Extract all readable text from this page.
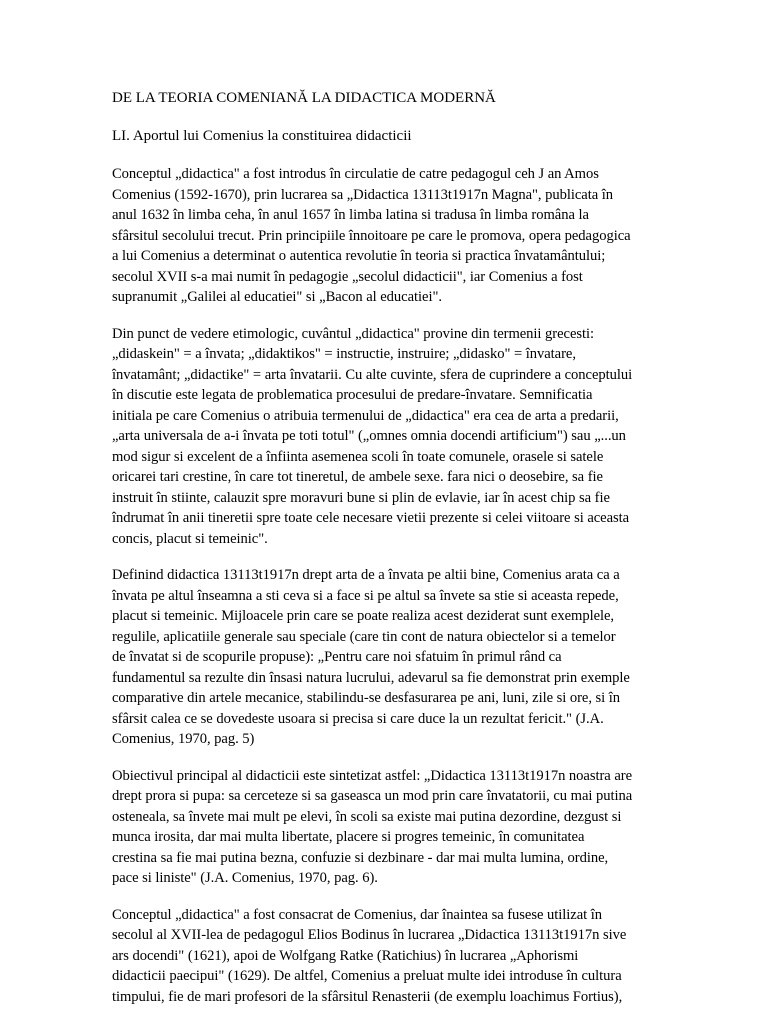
DE LA TEORIA COMENIANĂ LA DIDACTICA MODERNĂ
LI. Aportul lui Comenius la constituirea didacticii
Conceptul „didactica" a fost introdus în circulatie de catre pedagogul ceh J an Amos
Comenius (1592-1670), prin lucrarea sa „Didactica 13113t1917n Magna", publicata în
anul 1632 în limba ceha, în anul 1657 în limba latina si tradusa în limba româna la
sfârsitul secolului trecut. Prin principiile înnoitoare pe care le promova, opera pedagogica
a lui Comenius a determinat o autentica revolutie în teoria si practica învatamântului;
secolul XVII s-a mai numit în pedagogie „secolul didacticii", iar Comenius a fost
supranumit „Galilei al educatiei" si „Bacon al educatiei".
Din punct de vedere etimologic, cuvântul „didactica" provine din termenii grecesti:
„didaskein" = a învata; „didaktikos" = instructie, instruire; „didasko" = învatare,
învatamânt; „didactike" = arta învatarii. Cu alte cuvinte, sfera de cuprindere a conceptului
în discutie este legata de problematica procesului de predare-învatare. Semnificatia
initiala pe care Comenius o atribuia termenului de „didactica" era cea de arta a predarii,
„arta universala de a-i învata pe toti totul" („omnes omnia docendi artificium") sau „...un
mod sigur si excelent de a înfiinta asemenea scoli în toate comunele, orasele si satele
oricarei tari crestine, în care tot tineretul, de ambele sexe. fara nici o deosebire, sa fie
instruit în stiinte, calauzit spre moravuri bune si plin de evlavie, iar în acest chip sa fie
îndrumat în anii tineretii spre toate cele necesare vietii prezente si celei viitoare si aceasta
concis, placut si temeinic".
Definind didactica 13113t1917n drept arta de a învata pe altii bine, Comenius arata ca a
învata pe altul înseamna a sti ceva si a face si pe altul sa învete sa stie si aceasta repede,
placut si temeinic. Mijloacele prin care se poate realiza acest deziderat sunt exemplele,
regulile, aplicatiile generale sau speciale (care tin cont de natura obiectelor si a temelor
de învatat si de scopurile propuse): „Pentru care noi sfatuim în primul rând ca
fundamentul sa rezulte din însasi natura lucrului, adevarul sa fie demonstrat prin exemple
comparative din artele mecanice, stabilindu-se desfasurarea pe ani, luni, zile si ore, si în
sfârsit calea ce se dovedeste usoara si precisa si care duce la un rezultat fericit." (J.A.
Comenius, 1970, pag. 5)
Obiectivul principal al didacticii este sintetizat astfel: „Didactica 13113t1917n noastra are
drept prora si pupa: sa cerceteze si sa gaseasca un mod prin care învatatorii, cu mai putina
osteneala, sa învete mai mult pe elevi, în scoli sa existe mai putina dezordine, dezgust si
munca irosita, dar mai multa libertate, placere si progres temeinic, în comunitatea
crestina sa fie mai putina bezna, confuzie si dezbinare - dar mai multa lumina, ordine,
pace si liniste" (J.A. Comenius, 1970, pag. 6).
Conceptul „didactica" a fost consacrat de Comenius, dar înaintea sa fusese utilizat în
secolul al XVII-lea de pedagogul Elios Bodinus în lucrarea „Didactica 13113t1917n sive
ars docendi" (1621), apoi de Wolfgang Ratke (Ratichius) în lucrarea „Aphorismi
didacticii paecipui" (1629). De altfel, Comenius a preluat multe idei introduse în cultura
timpului, fie de mari profesori de la sfârsitul Renasterii (de exemplu loachimus Fortius),
